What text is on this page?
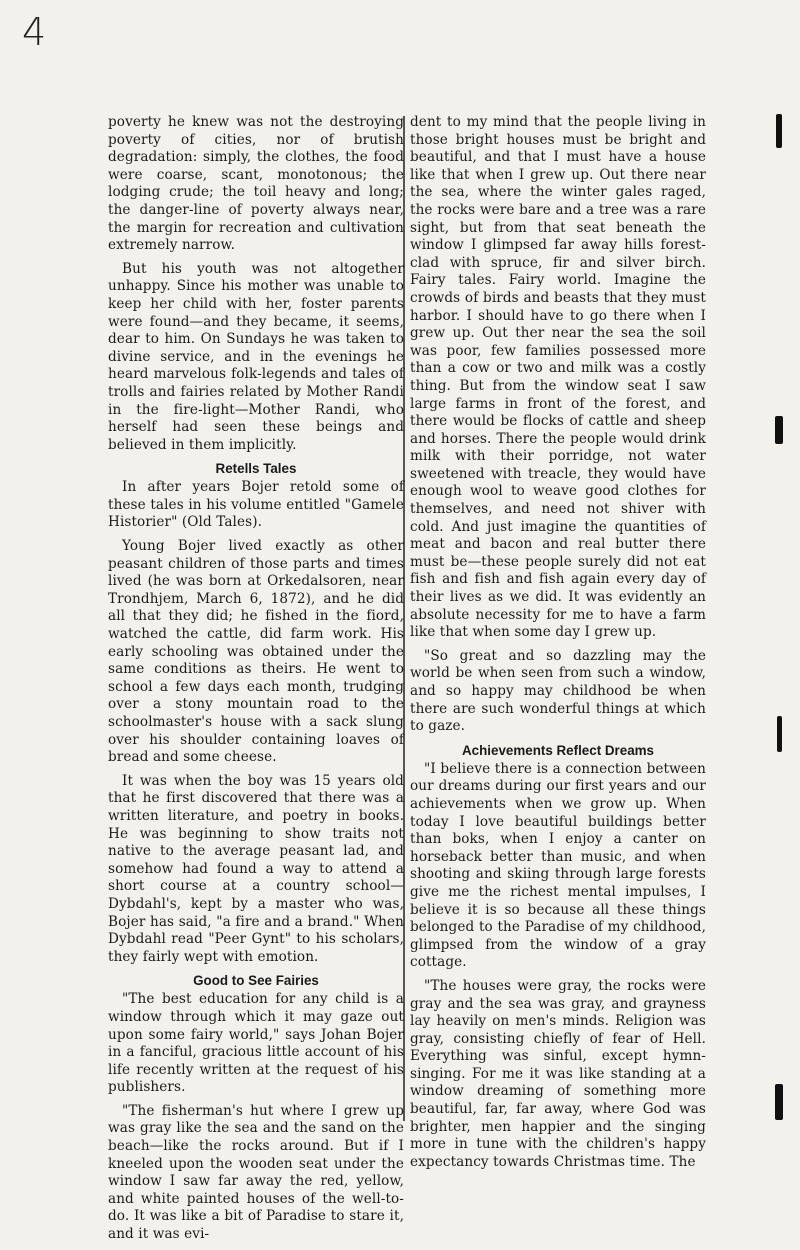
4

poverty he knew was not the destroying poverty of cities, nor of brutish degradation: simply, the clothes, the food were coarse, scant, monotonous; the lodging crude; the toil heavy and long; the danger-line of poverty always near, the margin for recreation and cultivation extremely narrow.

But his youth was not altogether unhappy. Since his mother was unable to keep her child with her, foster parents were found—and they became, it seems, dear to him. On Sundays he was taken to divine service, and in the evenings he heard marvelous folk-legends and tales of trolls and fairies related by Mother Randi in the fire-light—Mother Randi, who herself had seen these beings and believed in them implicitly.

Retells Tales

In after years Bojer retold some of these tales in his volume entitled "Gamele Historier" (Old Tales).

Young Bojer lived exactly as other peasant children of those parts and times lived (he was born at Orkedalsoren, near Trondhjem, March 6, 1872), and he did all that they did; he fished in the fiord, watched the cattle, did farm work. His early schooling was obtained under the same conditions as theirs. He went to school a few days each month, trudging over a stony mountain road to the schoolmaster's house with a sack slung over his shoulder containing loaves of bread and some cheese.

It was when the boy was 15 years old that he first discovered that there was a written literature, and poetry in books. He was beginning to show traits not native to the average peasant lad, and somehow had found a way to attend a short course at a country school—Dybdahl's, kept by a master who was, Bojer has said, "a fire and a brand." When Dybdahl read "Peer Gynt" to his scholars, they fairly wept with emotion.

Good to See Fairies

"The best education for any child is a window through which it may gaze out upon some fairy world," says Johan Bojer in a fanciful, gracious little account of his life recently written at the request of his publishers.

"The fisherman's hut where I grew up was gray like the sea and the sand on the beach—like the rocks around. But if I kneeled upon the wooden seat under the window I saw far away the red, yellow, and white painted houses of the well-to-do. It was like a bit of Paradise to stare it, and it was evi-

dent to my mind that the people living in those bright houses must be bright and beautiful, and that I must have a house like that when I grew up. Out there near the sea, where the winter gales raged, the rocks were bare and a tree was a rare sight, but from that seat beneath the window I glimpsed far away hills forest-clad with spruce, fir and silver birch. Fairy tales. Fairy world. Imagine the crowds of birds and beasts that they must harbor. I should have to go there when I grew up. Out ther near the sea the soil was poor, few families possessed more than a cow or two and milk was a costly thing. But from the window seat I saw large farms in front of the forest, and there would be flocks of cattle and sheep and horses. There the people would drink milk with their porridge, not water sweetened with treacle, they would have enough wool to weave good clothes for themselves, and need not shiver with cold. And just imagine the quantities of meat and bacon and real butter there must be—these people surely did not eat fish and fish and fish again every day of their lives as we did. It was evidently an absolute necessity for me to have a farm like that when some day I grew up.

"So great and so dazzling may the world be when seen from such a window, and so happy may childhood be when there are such wonderful things at which to gaze.

Achievements Reflect Dreams

"I believe there is a connection between our dreams during our first years and our achievements when we grow up. When today I love beautiful buildings better than boks, when I enjoy a canter on horseback better than music, and when shooting and skiing through large forests give me the richest mental impulses, I believe it is so because all these things belonged to the Paradise of my childhood, glimpsed from the window of a gray cottage.

"The houses were gray, the rocks were gray and the sea was gray, and grayness lay heavily on men's minds. Religion was gray, consisting chiefly of fear of Hell. Everything was sinful, except hymn-singing. For me it was like standing at a window dreaming of something more beautiful, far, far away, where God was brighter, men happier and the singing more in tune with the children's happy expectancy towards Christmas time. The
